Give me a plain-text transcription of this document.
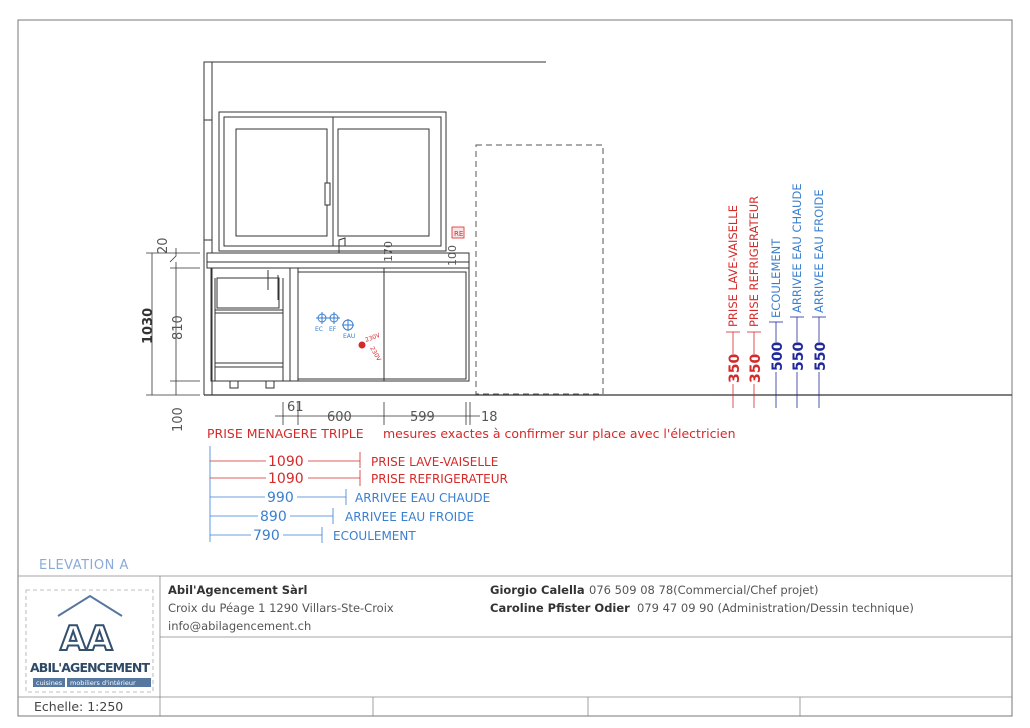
RE
EC EF
EAU 230V
230V
1030 810
20
100
170	100
61
600	599	18
PRISE MENAGERE TRIPLE mesures exactes à confirmer sur place avec l'électricien
1090	PRISE LAVE-VAISELLE
1090	PRISE REFRIGERATEUR
990	ARRIVEE EAU CHAUDE
890	ARRIVEE EAU FROIDE
790	ECOULEMENT
350
PRISE LAVE-VAISELLE
350
PRISE REFRIGERATEUR
500
ECOULEMENT
550
ARRIVEE EAU CHAUDE
550
ARRIVEE EAU FROIDE
ELEVATION A
AA
ABIL'AGENCEMENT
cuisines mobiliers d'intérieur
Abil'Agencement Sàrl
Croix du Péage 1 1290 Villars-Ste-Croix
info@abilagencement.ch
Giorgio Calella 076 509 08 78(Commercial/Chef projet)
Caroline Pfister Odier 079 47 09 90 (Administration/Dessin technique)
Echelle: 1:250
